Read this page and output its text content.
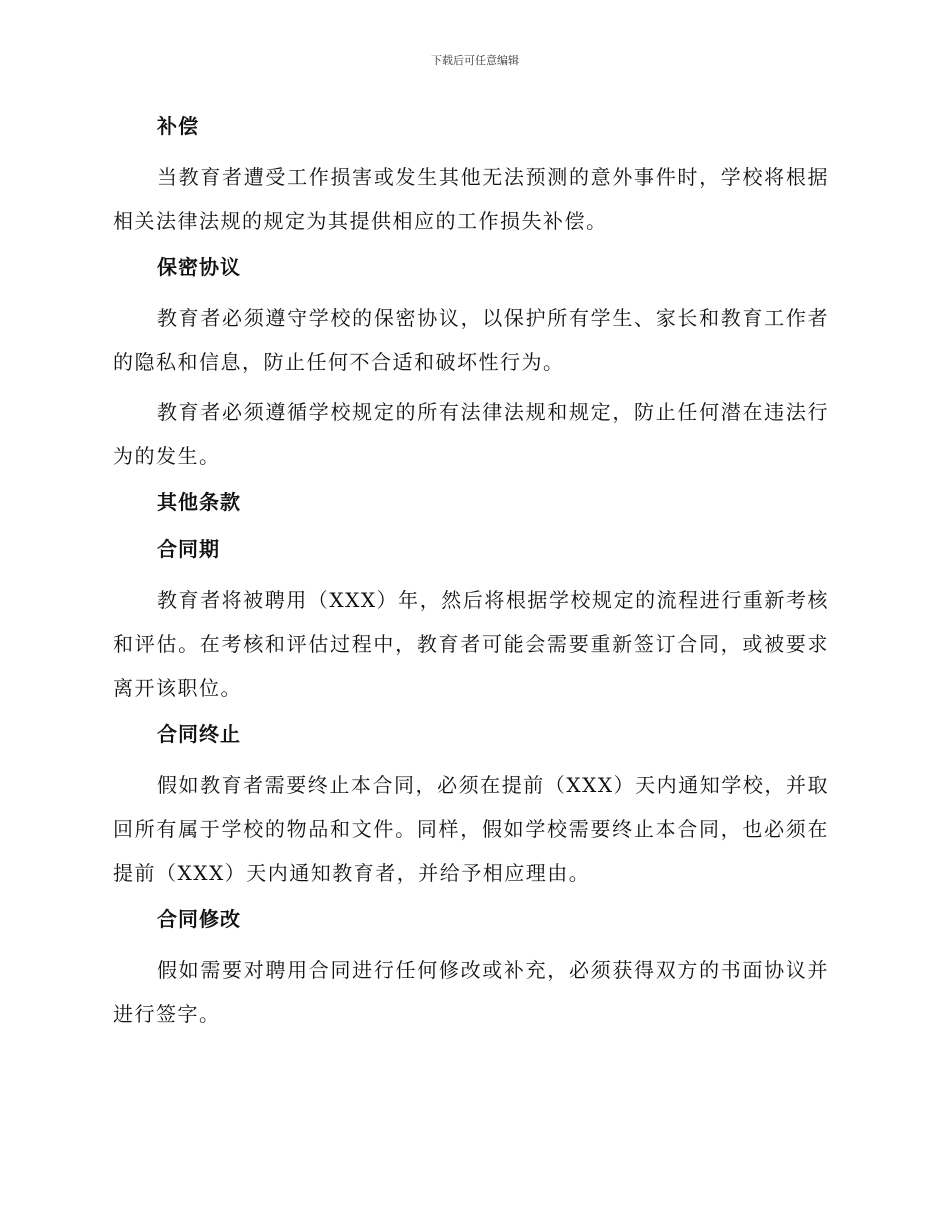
下载后可任意编辑
补偿

当教育者遭受工作损害或发生其他无法预测的意外事件时，学校将根据相关法律法规的规定为其提供相应的工作损失补偿。

保密协议

教育者必须遵守学校的保密协议，以保护所有学生、家长和教育工作者的隐私和信息，防止任何不合适和破坏性行为。

教育者必须遵循学校规定的所有法律法规和规定，防止任何潜在违法行为的发生。

其他条款
合同期

教育者将被聘用（XXX）年，然后将根据学校规定的流程进行重新考核和评估。在考核和评估过程中，教育者可能会需要重新签订合同，或被要求离开该职位。

合同终止

假如教育者需要终止本合同，必须在提前（XXX）天内通知学校，并取回所有属于学校的物品和文件。同样，假如学校需要终止本合同，也必须在提前（XXX）天内通知教育者，并给予相应理由。

合同修改

假如需要对聘用合同进行任何修改或补充，必须获得双方的书面协议并进行签字。
